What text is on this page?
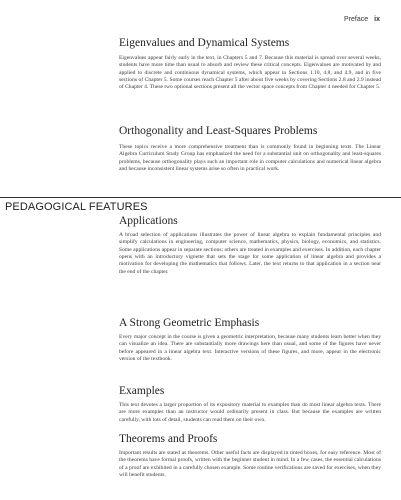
Preface ix
Eigenvalues and Dynamical Systems

Eigenvalues appear fairly early in the text, in Chapters 5 and 7. Because this material is spread over several weeks, students have more time than usual to absorb and review these critical concepts. Eigenvalues are motivated by and applied to discrete and continuous dynamical systems, which appear in Sections 1.10, 4.8, and 4.9, and in five sections of Chapter 5. Some courses reach Chapter 5 after about five weeks by covering Sections 2.8 and 2.9 instead of Chapter 4. These two optional sections present all the vector space concepts from Chapter 4 needed for Chapter 5.

Orthogonality and Least-Squares Problems

These topics receive a more comprehensive treatment than is commonly found in beginning texts. The Linear Algebra Curriculum Study Group has emphasized the need for a substantial unit on orthogonality and least-squares problems, because orthogonality plays such an important role in computer calculations and numerical linear algebra and because inconsistent linear systems arise so often in practical work.

PEDAGOGICAL FEATURES
Applications

A broad selection of applications illustrates the power of linear algebra to explain fundamental principles and simplify calculations in engineering, computer science, mathematics, physics, biology, economics, and statistics. Some applications appear in separate sections; others are treated in examples and exercises. In addition, each chapter opens with an introductory vignette that sets the stage for some application of linear algebra and provides a motivation for developing the mathematics that follows. Later, the text returns to that application in a section near the end of the chapter.

A Strong Geometric Emphasis

Every major concept in the course is given a geometric interpretation, because many students learn better when they can visualize an idea. There are substantially more drawings here than usual, and some of the figures have never before appeared in a linear algebra text. Interactive versions of these figures, and more, appear in the electronic version of the textbook.

Examples

This text devotes a larger proportion of its expository material to examples than do most linear algebra texts. There are more examples than an instructor would ordinarily present in class. But because the examples are written carefully, with lots of detail, students can read them on their own.

Theorems and Proofs

Important results are stated as theorems. Other useful facts are displayed in tinted boxes, for easy reference. Most of the theorems have formal proofs, written with the beginner student in mind. In a few cases, the essential calculations of a proof are exhibited in a carefully chosen example. Some routine verifications are saved for exercises, when they will benefit students.
